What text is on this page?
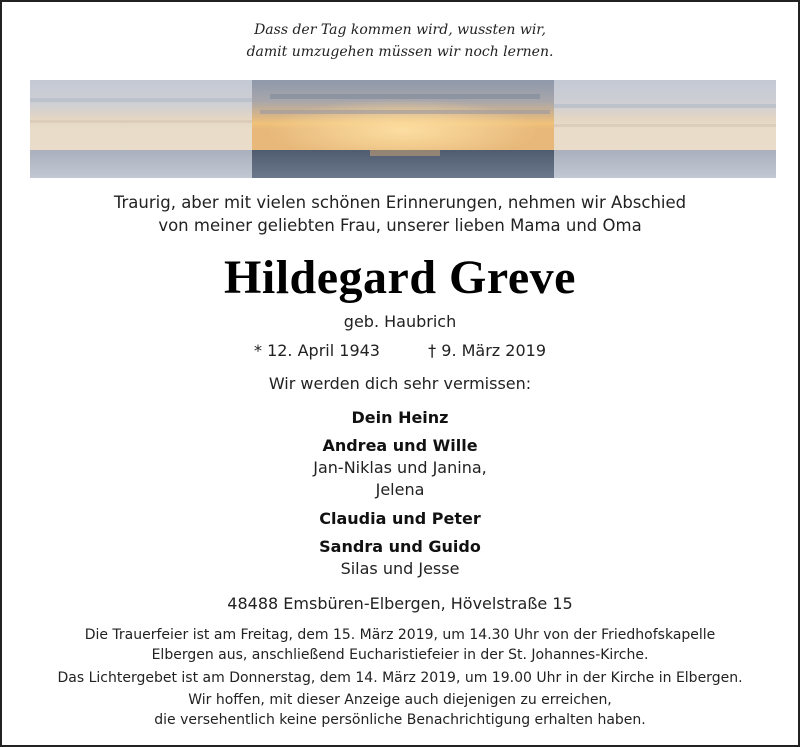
Dass der Tag kommen wird, wussten wir,
damit umzugehen müssen wir noch lernen.
Traurig, aber mit vielen schönen Erinnerungen, nehmen wir Abschied
von meiner geliebten Frau, unserer lieben Mama und Oma
Hildegard Greve
geb. Haubrich
* 12. April 1943	† 9. März 2019
Wir werden dich sehr vermissen:
Dein Heinz
Andrea und Wille
Jan-Niklas und Janina,
Jelena
Claudia und Peter
Sandra und Guido
Silas und Jesse
48488 Emsbüren-Elbergen, Hövelstraße 15
Die Trauerfeier ist am Freitag, dem 15. März 2019, um 14.30 Uhr von der Friedhofskapelle
Elbergen aus, anschließend Eucharistiefeier in der St. Johannes-Kirche.
Das Lichtergebet ist am Donnerstag, dem 14. März 2019, um 19.00 Uhr in der Kirche in Elbergen.
Wir hoffen, mit dieser Anzeige auch diejenigen zu erreichen,
die versehentlich keine persönliche Benachrichtigung erhalten haben.
